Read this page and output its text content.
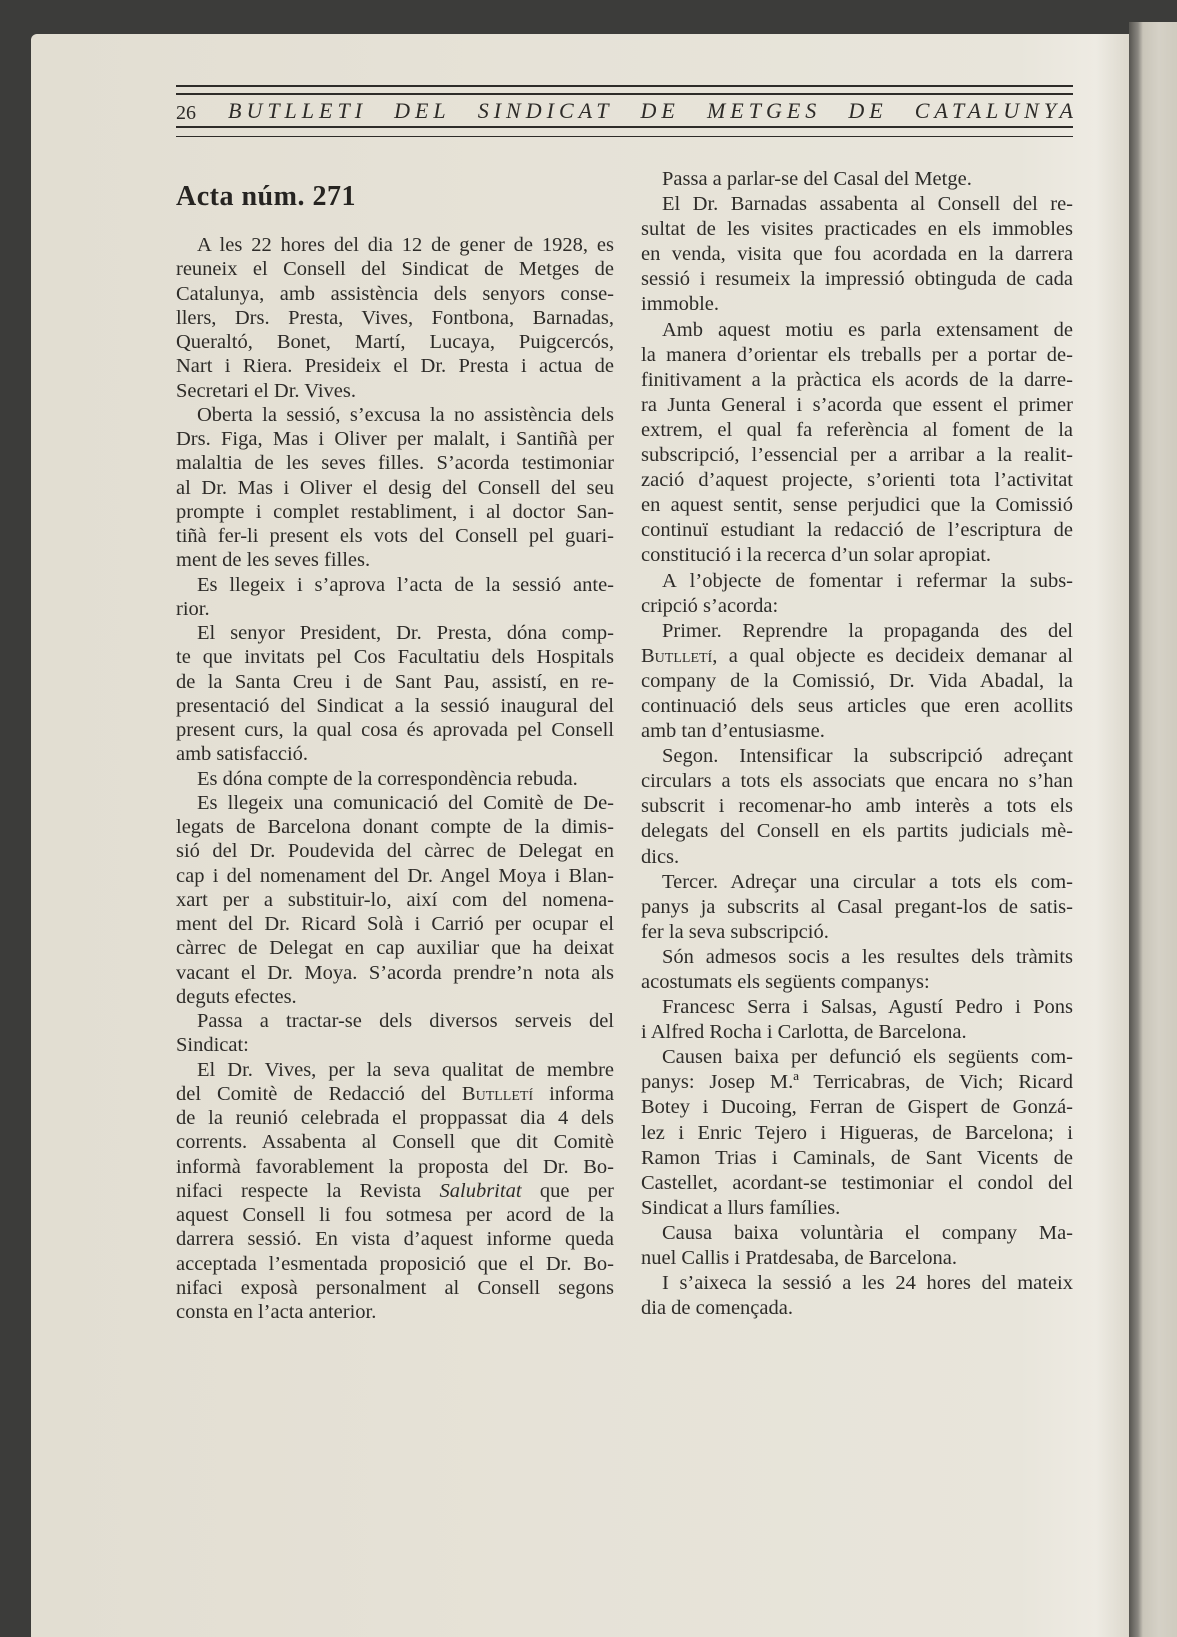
26 BUTLLETI DEL SINDICAT DE METGES DE CATALUNYA
Acta núm. 271
A les 22 hores del dia 12 de gener de 1928, es
reuneix el Consell del Sindicat de Metges de
Catalunya, amb assistència dels senyors conse-
llers, Drs. Presta, Vives, Fontbona, Barnadas,
Queraltó, Bonet, Martí, Lucaya, Puigcercós,
Nart i Riera. Presideix el Dr. Presta i actua de
Secretari el Dr. Vives.
Oberta la sessió, s’excusa la no assistència dels
Drs. Figa, Mas i Oliver per malalt, i Santiñà per
malaltia de les seves filles. S’acorda testimoniar
al Dr. Mas i Oliver el desig del Consell del seu
prompte i complet restabliment, i al doctor San-
tiñà fer-li present els vots del Consell pel guari-
ment de les seves filles.
Es llegeix i s’aprova l’acta de la sessió ante-
rior.
El senyor President, Dr. Presta, dóna comp-
te que invitats pel Cos Facultatiu dels Hospitals
de la Santa Creu i de Sant Pau, assistí, en re-
presentació del Sindicat a la sessió inaugural del
present curs, la qual cosa és aprovada pel Consell
amb satisfacció.
Es dóna compte de la correspondència rebuda.
Es llegeix una comunicació del Comitè de De-
legats de Barcelona donant compte de la dimis-
sió del Dr. Poudevida del càrrec de Delegat en
cap i del nomenament del Dr. Angel Moya i Blan-
xart per a substituir-lo, així com del nomena-
ment del Dr. Ricard Solà i Carrió per ocupar el
càrrec de Delegat en cap auxiliar que ha deixat
vacant el Dr. Moya. S’acorda prendre’n nota als
deguts efectes.
Passa a tractar-se dels diversos serveis del
Sindicat:
El Dr. Vives, per la seva qualitat de membre
del Comitè de Redacció del Butlletí informa
de la reunió celebrada el proppassat dia 4 dels
corrents. Assabenta al Consell que dit Comitè
informà favorablement la proposta del Dr. Bo-
nifaci respecte la Revista Salubritat que per
aquest Consell li fou sotmesa per acord de la
darrera sessió. En vista d’aquest informe queda
acceptada l’esmentada proposició que el Dr. Bo-
nifaci exposà personalment al Consell segons
consta en l’acta anterior.
Passa a parlar-se del Casal del Metge.
El Dr. Barnadas assabenta al Consell del re-
sultat de les visites practicades en els immobles
en venda, visita que fou acordada en la darrera
sessió i resumeix la impressió obtinguda de cada
immoble.
Amb aquest motiu es parla extensament de
la manera d’orientar els treballs per a portar de-
finitivament a la pràctica els acords de la darre-
ra Junta General i s’acorda que essent el primer
extrem, el qual fa referència al foment de la
subscripció, l’essencial per a arribar a la realit-
zació d’aquest projecte, s’orienti tota l’activitat
en aquest sentit, sense perjudici que la Comissió
continuï estudiant la redacció de l’escriptura de
constitució i la recerca d’un solar apropiat.
A l’objecte de fomentar i refermar la subs-
cripció s’acorda:
Primer. Reprendre la propaganda des del
Butlletí, a qual objecte es decideix demanar al
company de la Comissió, Dr. Vida Abadal, la
continuació dels seus articles que eren acollits
amb tan d’entusiasme.
Segon. Intensificar la subscripció adreçant
circulars a tots els associats que encara no s’han
subscrit i recomenar-ho amb interès a tots els
delegats del Consell en els partits judicials mè-
dics.
Tercer. Adreçar una circular a tots els com-
panys ja subscrits al Casal pregant-los de satis-
fer la seva subscripció.
Són admesos socis a les resultes dels tràmits
acostumats els següents companys:
Francesc Serra i Salsas, Agustí Pedro i Pons
i Alfred Rocha i Carlotta, de Barcelona.
Causen baixa per defunció els següents com-
panys: Josep M.ª Terricabras, de Vich; Ricard
Botey i Ducoing, Ferran de Gispert de Gonzá-
lez i Enric Tejero i Higueras, de Barcelona; i
Ramon Trias i Caminals, de Sant Vicents de
Castellet, acordant-se testimoniar el condol del
Sindicat a llurs famílies.
Causa baixa voluntària el company Ma-
nuel Callis i Pratdesaba, de Barcelona.
I s’aixeca la sessió a les 24 hores del mateix
dia de començada.
